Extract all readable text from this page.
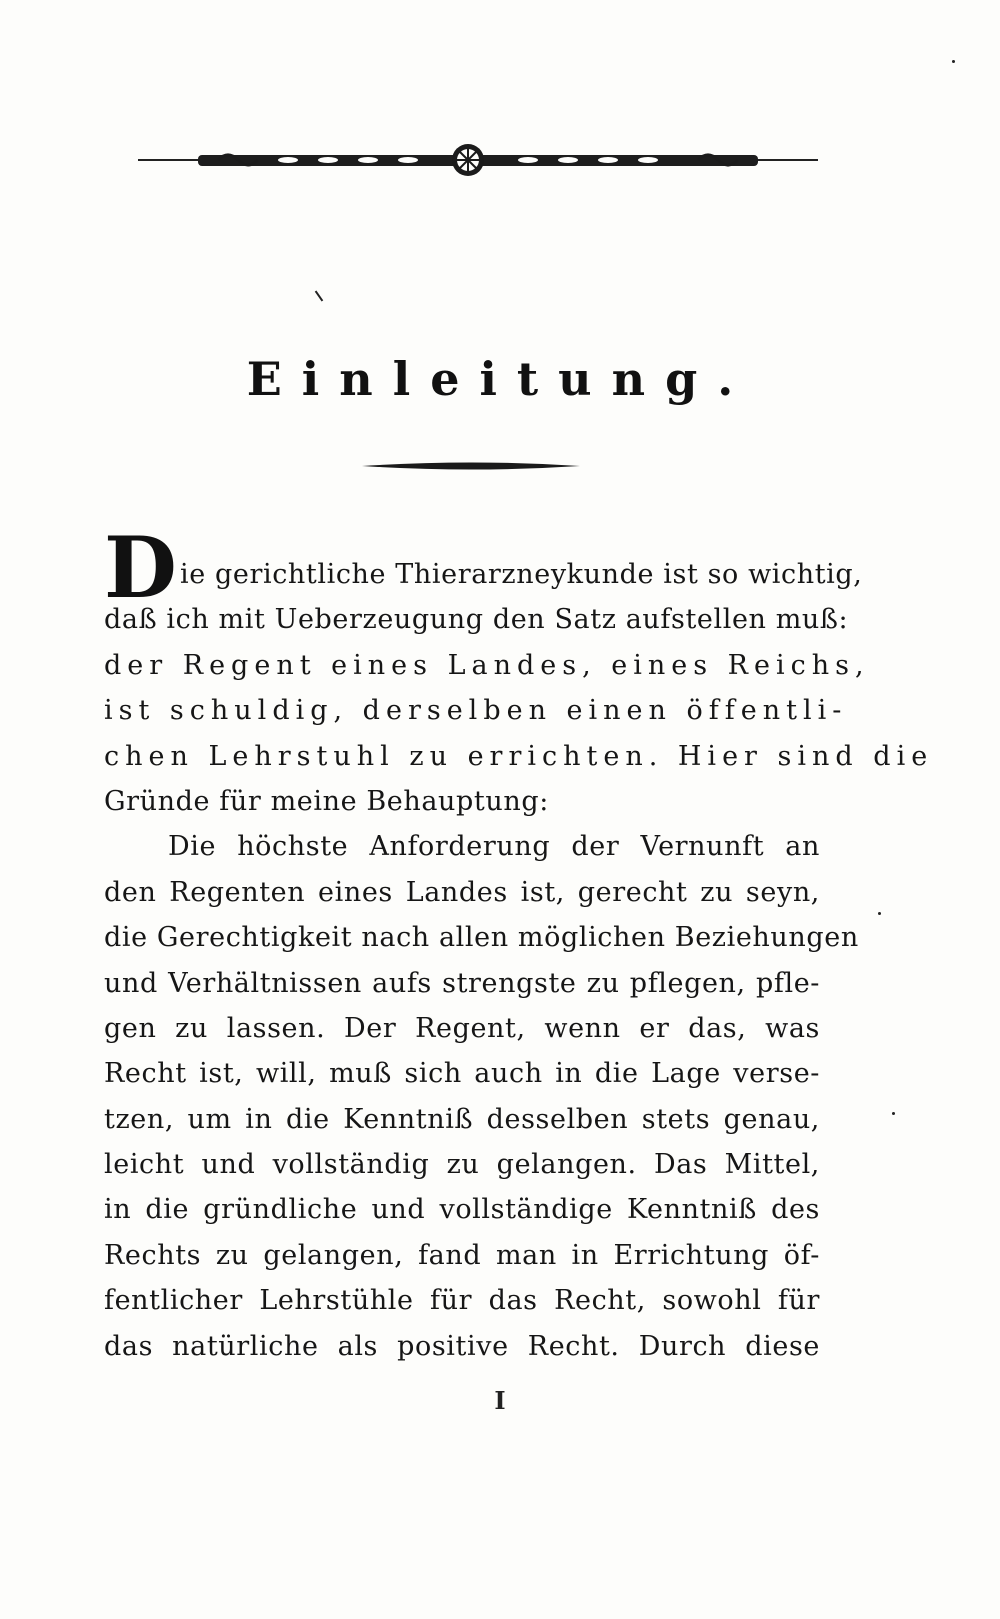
Einleitung.
D ie gerichtliche Thierarzneykunde ist so wichtig,
daß ich mit Ueberzeugung den Satz aufstellen muß:
der Regent eines Landes, eines Reichs,
ist schuldig, derselben einen öffentli-
chen Lehrstuhl zu errichten. Hier sind die
Gründe für meine Behauptung:
Die höchste Anforderung der Vernunft an
den Regenten eines Landes ist, gerecht zu seyn,
die Gerechtigkeit nach allen möglichen Beziehungen
und Verhältnissen aufs strengste zu pflegen, pfle-
gen zu lassen. Der Regent, wenn er das, was
Recht ist, will, muß sich auch in die Lage verse-
tzen, um in die Kenntniß desselben stets genau,
leicht und vollständig zu gelangen. Das Mittel,
in die gründliche und vollständige Kenntniß des
Rechts zu gelangen, fand man in Errichtung öf-
fentlicher Lehrstühle für das Recht, sowohl für
das natürliche als positive Recht. Durch diese
I
